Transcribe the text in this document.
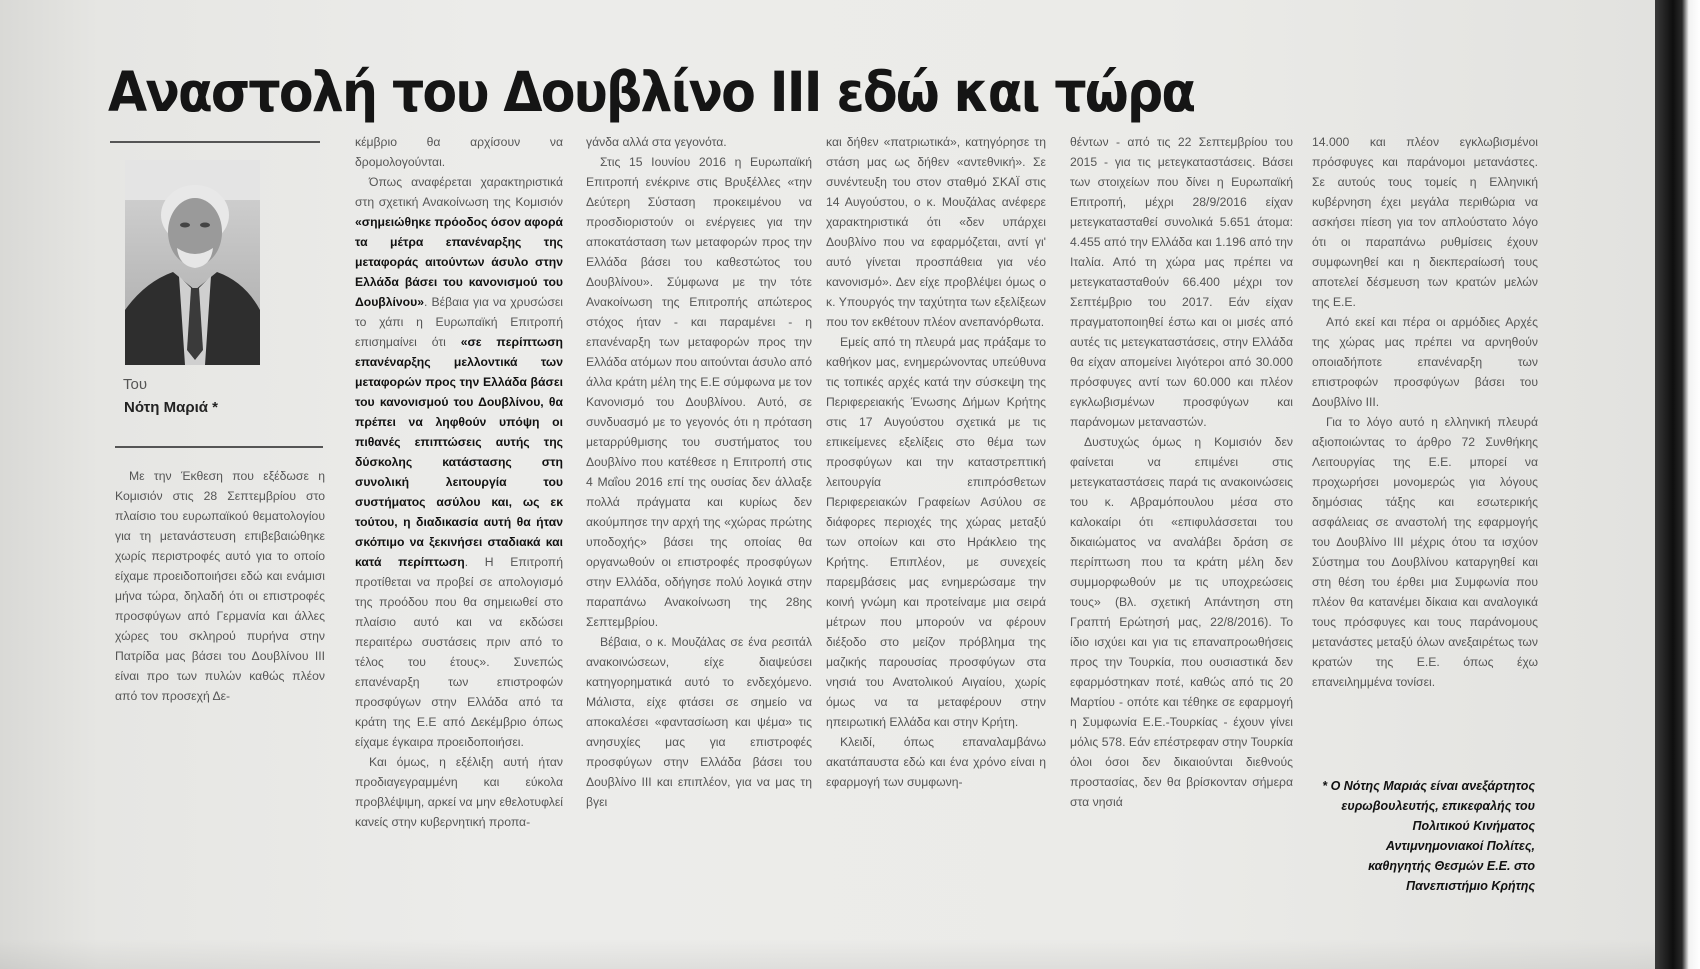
Αναστολή του Δουβλίνο ΙΙΙ εδώ και τώρα
Του
Νότη Μαριά *

Με την Έκθεση που εξέδωσε η Κομισιόν στις 28 Σεπτεμβρίου στο πλαίσιο του ευρωπαϊκού θεματολογίου για τη μετανάστευση επιβεβαιώθηκε χωρίς περιστροφές αυτό για το οποίο είχαμε προειδοποιήσει εδώ και ενάμισι μήνα τώρα, δηλαδή ότι οι επιστροφές προσφύγων από Γερμανία και άλλες χώρες του σκληρού πυρήνα στην Πατρίδα μας βάσει του Δουβλίνου ΙΙΙ είναι προ των πυλών καθώς πλέον από τον προσεχή Δε-

κέμβριο θα αρχίσουν να δρομολογούνται.

Όπως αναφέρεται χαρακτηριστικά στη σχετική Ανακοίνωση της Κομισιόν «σημειώθηκε πρόοδος όσον αφορά τα μέτρα επανέναρξης της μεταφοράς αιτούντων άσυλο στην Ελλάδα βάσει του κανονισμού του Δουβλίνου». Βέβαια για να χρυσώσει το χάπι η Ευρωπαϊκή Επιτροπή επισημαίνει ότι «σε περίπτωση επανέναρξης μελλοντικά των μεταφορών προς την Ελλάδα βάσει του κανονισμού του Δουβλίνου, θα πρέπει να ληφθούν υπόψη οι πιθανές επιπτώσεις αυτής της δύσκολης κατάστασης στη συνολική λειτουργία του συστήματος ασύλου και, ως εκ τούτου, η διαδικασία αυτή θα ήταν σκόπιμο να ξεκινήσει σταδιακά και κατά περίπτωση. Η Επιτροπή προτίθεται να προβεί σε απολογισμό της προόδου που θα σημειωθεί στο πλαίσιο αυτό και να εκδώσει περαιτέρω συστάσεις πριν από το τέλος του έτους». Συνεπώς επανέναρξη των επιστροφών προσφύγων στην Ελλάδα από τα κράτη της Ε.Ε από Δεκέμβριο όπως είχαμε έγκαιρα προειδοποιήσει.

Και όμως, η εξέλιξη αυτή ήταν προδιαγεγραμμένη και εύκολα προβλέψιμη, αρκεί να μην εθελοτυφλεί κανείς στην κυβερνητική προπα-

γάνδα αλλά στα γεγονότα.

Στις 15 Ιουνίου 2016 η Ευρωπαϊκή Επιτροπή ενέκρινε στις Βρυξέλλες «την Δεύτερη Σύσταση προκειμένου να προσδιοριστούν οι ενέργειες για την αποκατάσταση των μεταφορών προς την Ελλάδα βάσει του καθεστώτος του Δουβλίνου». Σύμφωνα με την τότε Ανακοίνωση της Επιτροπής απώτερος στόχος ήταν - και παραμένει - η επανέναρξη των μεταφορών προς την Ελλάδα ατόμων που αιτούνται άσυλο από άλλα κράτη μέλη της Ε.Ε σύμφωνα με τον Κανονισμό του Δουβλίνου. Αυτό, σε συνδυασμό με το γεγονός ότι η πρόταση μεταρρύθμισης του συστήματος του Δουβλίνο που κατέθεσε η Επιτροπή στις 4 Μαΐου 2016 επί της ουσίας δεν άλλαξε πολλά πράγματα και κυρίως δεν ακούμπησε την αρχή της «χώρας πρώτης υποδοχής» βάσει της οποίας θα οργανωθούν οι επιστροφές προσφύγων στην Ελλάδα, οδήγησε πολύ λογικά στην παραπάνω Ανακοίνωση της 28ης Σεπτεμβρίου.

Βέβαια, ο κ. Μουζάλας σε ένα ρεσιτάλ ανακοινώσεων, είχε διαψεύσει κατηγορηματικά αυτό το ενδεχόμενο. Μάλιστα, είχε φτάσει σε σημείο να αποκαλέσει «φαντασίωση και ψέμα» τις ανησυχίες μας για επιστροφές προσφύγων στην Ελλάδα βάσει του Δουβλίνο ΙΙΙ και επιπλέον, για να μας τη βγει

και δήθεν «πατριωτικά», κατηγόρησε τη στάση μας ως δήθεν «αντεθνική». Σε συνέντευξη του στον σταθμό ΣΚΑΪ στις 14 Αυγούστου, ο κ. Μουζάλας ανέφερε χαρακτηριστικά ότι «δεν υπάρχει Δουβλίνο που να εφαρμόζεται, αντί γι' αυτό γίνεται προσπάθεια για νέο κανονισμό». Δεν είχε προβλέψει όμως ο κ. Υπουργός την ταχύτητα των εξελίξεων που τον εκθέτουν πλέον ανεπανόρθωτα.

Εμείς από τη πλευρά μας πράξαμε το καθήκον μας, ενημερώνοντας υπεύθυνα τις τοπικές αρχές κατά την σύσκεψη της Περιφερειακής Ένωσης Δήμων Κρήτης στις 17 Αυγούστου σχετικά με τις επικείμενες εξελίξεις στο θέμα των προσφύγων και την καταστρεπτική λειτουργία επιπρόσθετων Περιφερειακών Γραφείων Ασύλου σε διάφορες περιοχές της χώρας μεταξύ των οποίων και στο Ηράκλειο της Κρήτης. Επιπλέον, με συνεχείς παρεμβάσεις μας ενημερώσαμε την κοινή γνώμη και προτείναμε μια σειρά μέτρων που μπορούν να φέρουν διέξοδο στο μείζον πρόβλημα της μαζικής παρουσίας προσφύγων στα νησιά του Ανατολικού Αιγαίου, χωρίς όμως να τα μεταφέρουν στην ηπειρωτική Ελλάδα και στην Κρήτη.

Κλειδί, όπως επαναλαμβάνω ακατάπαυστα εδώ και ένα χρόνο είναι η εφαρμογή των συμφωνη-

θέντων - από τις 22 Σεπτεμβρίου του 2015 - για τις μετεγκαταστάσεις. Βάσει των στοιχείων που δίνει η Ευρωπαϊκή Επιτροπή, μέχρι 28/9/2016 είχαν μετεγκατασταθεί συνολικά 5.651 άτομα: 4.455 από την Ελλάδα και 1.196 από την Ιταλία. Από τη χώρα μας πρέπει να μετεγκατασταθούν 66.400 μέχρι τον Σεπτέμβριο του 2017. Εάν είχαν πραγματοποιηθεί έστω και οι μισές από αυτές τις μετεγκαταστάσεις, στην Ελλάδα θα είχαν απομείνει λιγότεροι από 30.000 πρόσφυγες αντί των 60.000 και πλέον εγκλωβισμένων προσφύγων και παράνομων μεταναστών.

Δυστυχώς όμως η Κομισιόν δεν φαίνεται να επιμένει στις μετεγκαταστάσεις παρά τις ανακοινώσεις του κ. Αβραμόπουλου μέσα στο καλοκαίρι ότι «επιφυλάσσεται του δικαιώματος να αναλάβει δράση σε περίπτωση που τα κράτη μέλη δεν συμμορφωθούν με τις υποχρεώσεις τους» (Βλ. σχετική Απάντηση στη Γραπτή Ερώτησή μας, 22/8/2016). Το ίδιο ισχύει και για τις επαναπροωθήσεις προς την Τουρκία, που ουσιαστικά δεν εφαρμόστηκαν ποτέ, καθώς από τις 20 Μαρτίου - οπότε και τέθηκε σε εφαρμογή η Συμφωνία Ε.Ε.-Τουρκίας - έχουν γίνει μόλις 578. Εάν επέστρεφαν στην Τουρκία όλοι όσοι δεν δικαιούνται διεθνούς προστασίας, δεν θα βρίσκονταν σήμερα στα νησιά

14.000 και πλέον εγκλωβισμένοι πρόσφυγες και παράνομοι μετανάστες. Σε αυτούς τους τομείς η Ελληνική κυβέρνηση έχει μεγάλα περιθώρια να ασκήσει πίεση για τον απλούστατο λόγο ότι οι παραπάνω ρυθμίσεις έχουν συμφωνηθεί και η διεκπεραίωσή τους αποτελεί δέσμευση των κρατών μελών της Ε.Ε.

Από εκεί και πέρα οι αρμόδιες Αρχές της χώρας μας πρέπει να αρνηθούν οποιαδήποτε επανέναρξη των επιστροφών προσφύγων βάσει του Δουβλίνο ΙΙΙ.

Για το λόγο αυτό η ελληνική πλευρά αξιοποιώντας το άρθρο 72 Συνθήκης Λειτουργίας της Ε.Ε. μπορεί να προχωρήσει μονομερώς για λόγους δημόσιας τάξης και εσωτερικής ασφάλειας σε αναστολή της εφαρμογής του Δουβλίνο ΙΙΙ μέχρις ότου τα ισχύον Σύστημα του Δουβλίνου καταργηθεί και στη θέση του έρθει μια Συμφωνία που πλέον θα κατανέμει δίκαια και αναλογικά τους πρόσφυγες και τους παράνομους μετανάστες μεταξύ όλων ανεξαιρέτως των κρατών της Ε.Ε. όπως έχω επανειλημμένα τονίσει.

* Ο Νότης Μαριάς είναι ανεξάρτητος ευρωβουλευτής, επικεφαλής του Πολιτικού Κινήματος Αντιμνημονιακοί Πολίτες, καθηγητής Θεσμών Ε.Ε. στο Πανεπιστήμιο Κρήτης
